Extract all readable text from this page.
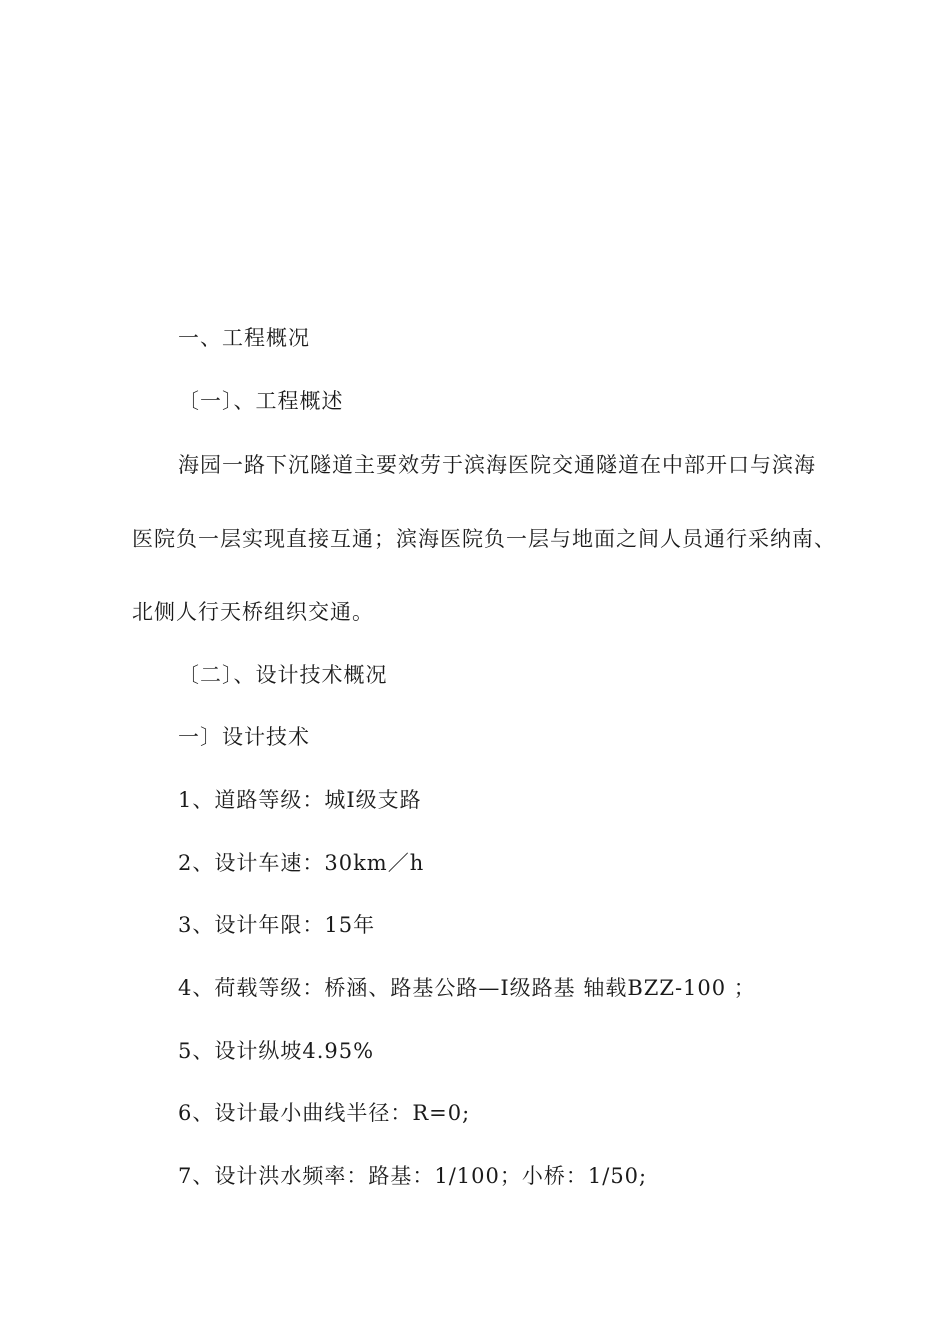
一、工程概况
〔一〕、工程概述
海园一路下沉隧道主要效劳于滨海医院交通隧道在中部开口与滨海
医院负一层实现直接互通；滨海医院负一层与地面之间人员通行采纳南、
北侧人行天桥组织交通。
〔二〕、设计技术概况
一〕设计技术
1、道路等级：城Ⅰ级支路
2、设计车速：30km／h
3、设计年限：15年
4、荷载等级：桥涵、路基公路—Ⅰ级路基 轴载BZZ-100 ；
5、设计纵坡4.95%
6、设计最小曲线半径：R=0;
7、设计洪水频率：路基：1/100；小桥：1/50;
